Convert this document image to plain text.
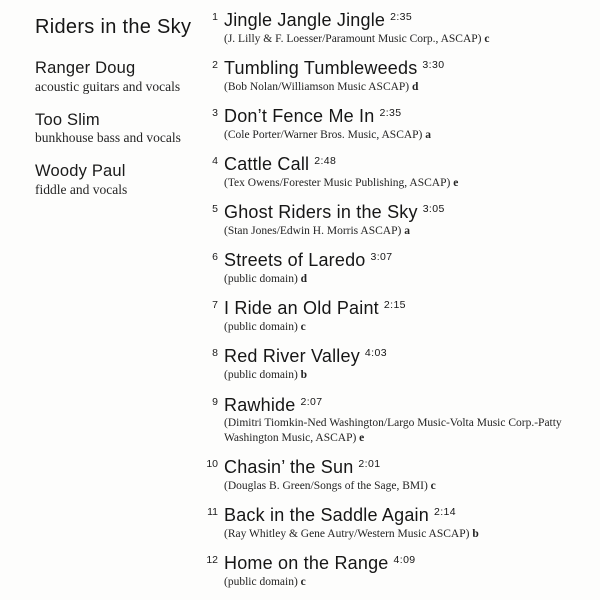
Riders in the Sky
Ranger Doug
acoustic guitars and vocals
Too Slim
bunkhouse bass and vocals
Woody Paul
fiddle and vocals
1 Jingle Jangle Jingle $^{2:35}$
(J. Lilly & F. Loesser/Paramount Music Corp., ASCAP) c
2 Tumbling Tumbleweeds $^{3:30}$
(Bob Nolan/Williamson Music ASCAP) d
3 Don’t Fence Me In $^{2:35}$
(Cole Porter/Warner Bros. Music, ASCAP) a
4 Cattle Call $^{2:48}$
(Tex Owens/Forester Music Publishing, ASCAP) e
5 Ghost Riders in the Sky $^{3:05}$
(Stan Jones/Edwin H. Morris ASCAP) a
6 Streets of Laredo $^{3:07}$
(public domain) d
7 I Ride an Old Paint $^{2:15}$
(public domain) c
8 Red River Valley $^{4:03}$
(public domain) b
9 Rawhide $^{2:07}$
(Dimitri Tiomkin-Ned Washington/Largo Music-Volta Music Corp.-Patty Washington Music, ASCAP) e
10 Chasin’ the Sun $^{2:01}$
(Douglas B. Green/Songs of the Sage, BMI) c
11 Back in the Saddle Again $^{2:14}$
(Ray Whitley & Gene Autry/Western Music ASCAP) b
12 Home on the Range $^{4:09}$
(public domain) c
